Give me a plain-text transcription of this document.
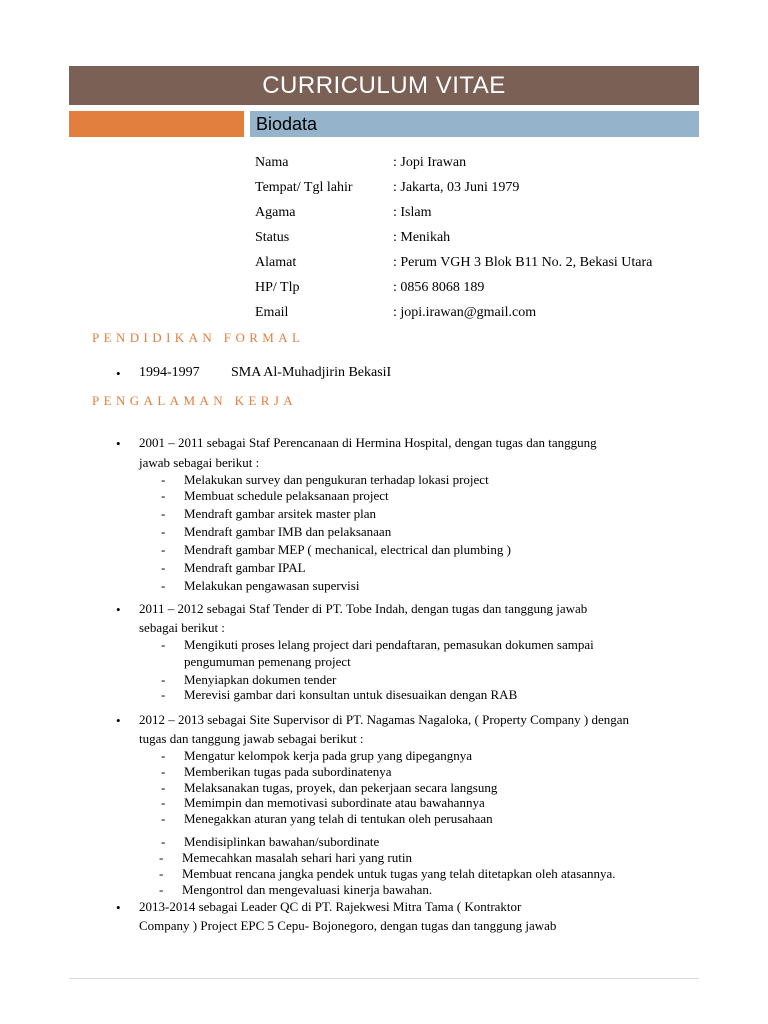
CURRICULUM VITAE
Biodata
Nama	: Jopi Irawan
Tempat/ Tgl lahir	: Jakarta, 03 Juni 1979
Agama	: Islam
Status	: Menikah
Alamat	: Perum VGH 3 Blok B11 No. 2, Bekasi Utara
HP/ Tlp	: 0856 8068 189
Email	: jopi.irawan@gmail.com
PENDIDIKAN FORMAL
• 1994-1997 SMA Al-Muhadjirin BekasiI
PENGALAMAN KERJA
• 2001 – 2011 sebagai Staf Perencanaan di Hermina Hospital, dengan tugas dan tanggung
jawab sebagai berikut :
- Melakukan survey dan pengukuran terhadap lokasi project
- Membuat schedule pelaksanaan project
- Mendraft gambar arsitek master plan
- Mendraft gambar IMB dan pelaksanaan
- Mendraft gambar MEP ( mechanical, electrical dan plumbing )
- Mendraft gambar IPAL
- Melakukan pengawasan supervisi
• 2011 – 2012 sebagai Staf Tender di PT. Tobe Indah, dengan tugas dan tanggung jawab
sebagai berikut :
- Mengikuti proses lelang project dari pendaftaran, pemasukan dokumen sampai
pengumuman pemenang project
- Menyiapkan dokumen tender
- Merevisi gambar dari konsultan untuk disesuaikan dengan RAB
• 2012 – 2013 sebagai Site Supervisor di PT. Nagamas Nagaloka, ( Property Company ) dengan
tugas dan tanggung jawab sebagai berikut :
- Mengatur kelompok kerja pada grup yang dipegangnya
- Memberikan tugas pada subordinatenya
- Melaksanakan tugas, proyek, dan pekerjaan secara langsung
- Memimpin dan memotivasi subordinate atau bawahannya
- Menegakkan aturan yang telah di tentukan oleh perusahaan
- Mendisiplinkan bawahan/subordinate
- Memecahkan masalah sehari hari yang rutin
- Membuat rencana jangka pendek untuk tugas yang telah ditetapkan oleh atasannya.
- Mengontrol dan mengevaluasi kinerja bawahan.
• 2013-2014 sebagai Leader QC di PT. Rajekwesi Mitra Tama ( Kontraktor
Company ) Project EPC 5 Cepu- Bojonegoro, dengan tugas dan tanggung jawab
